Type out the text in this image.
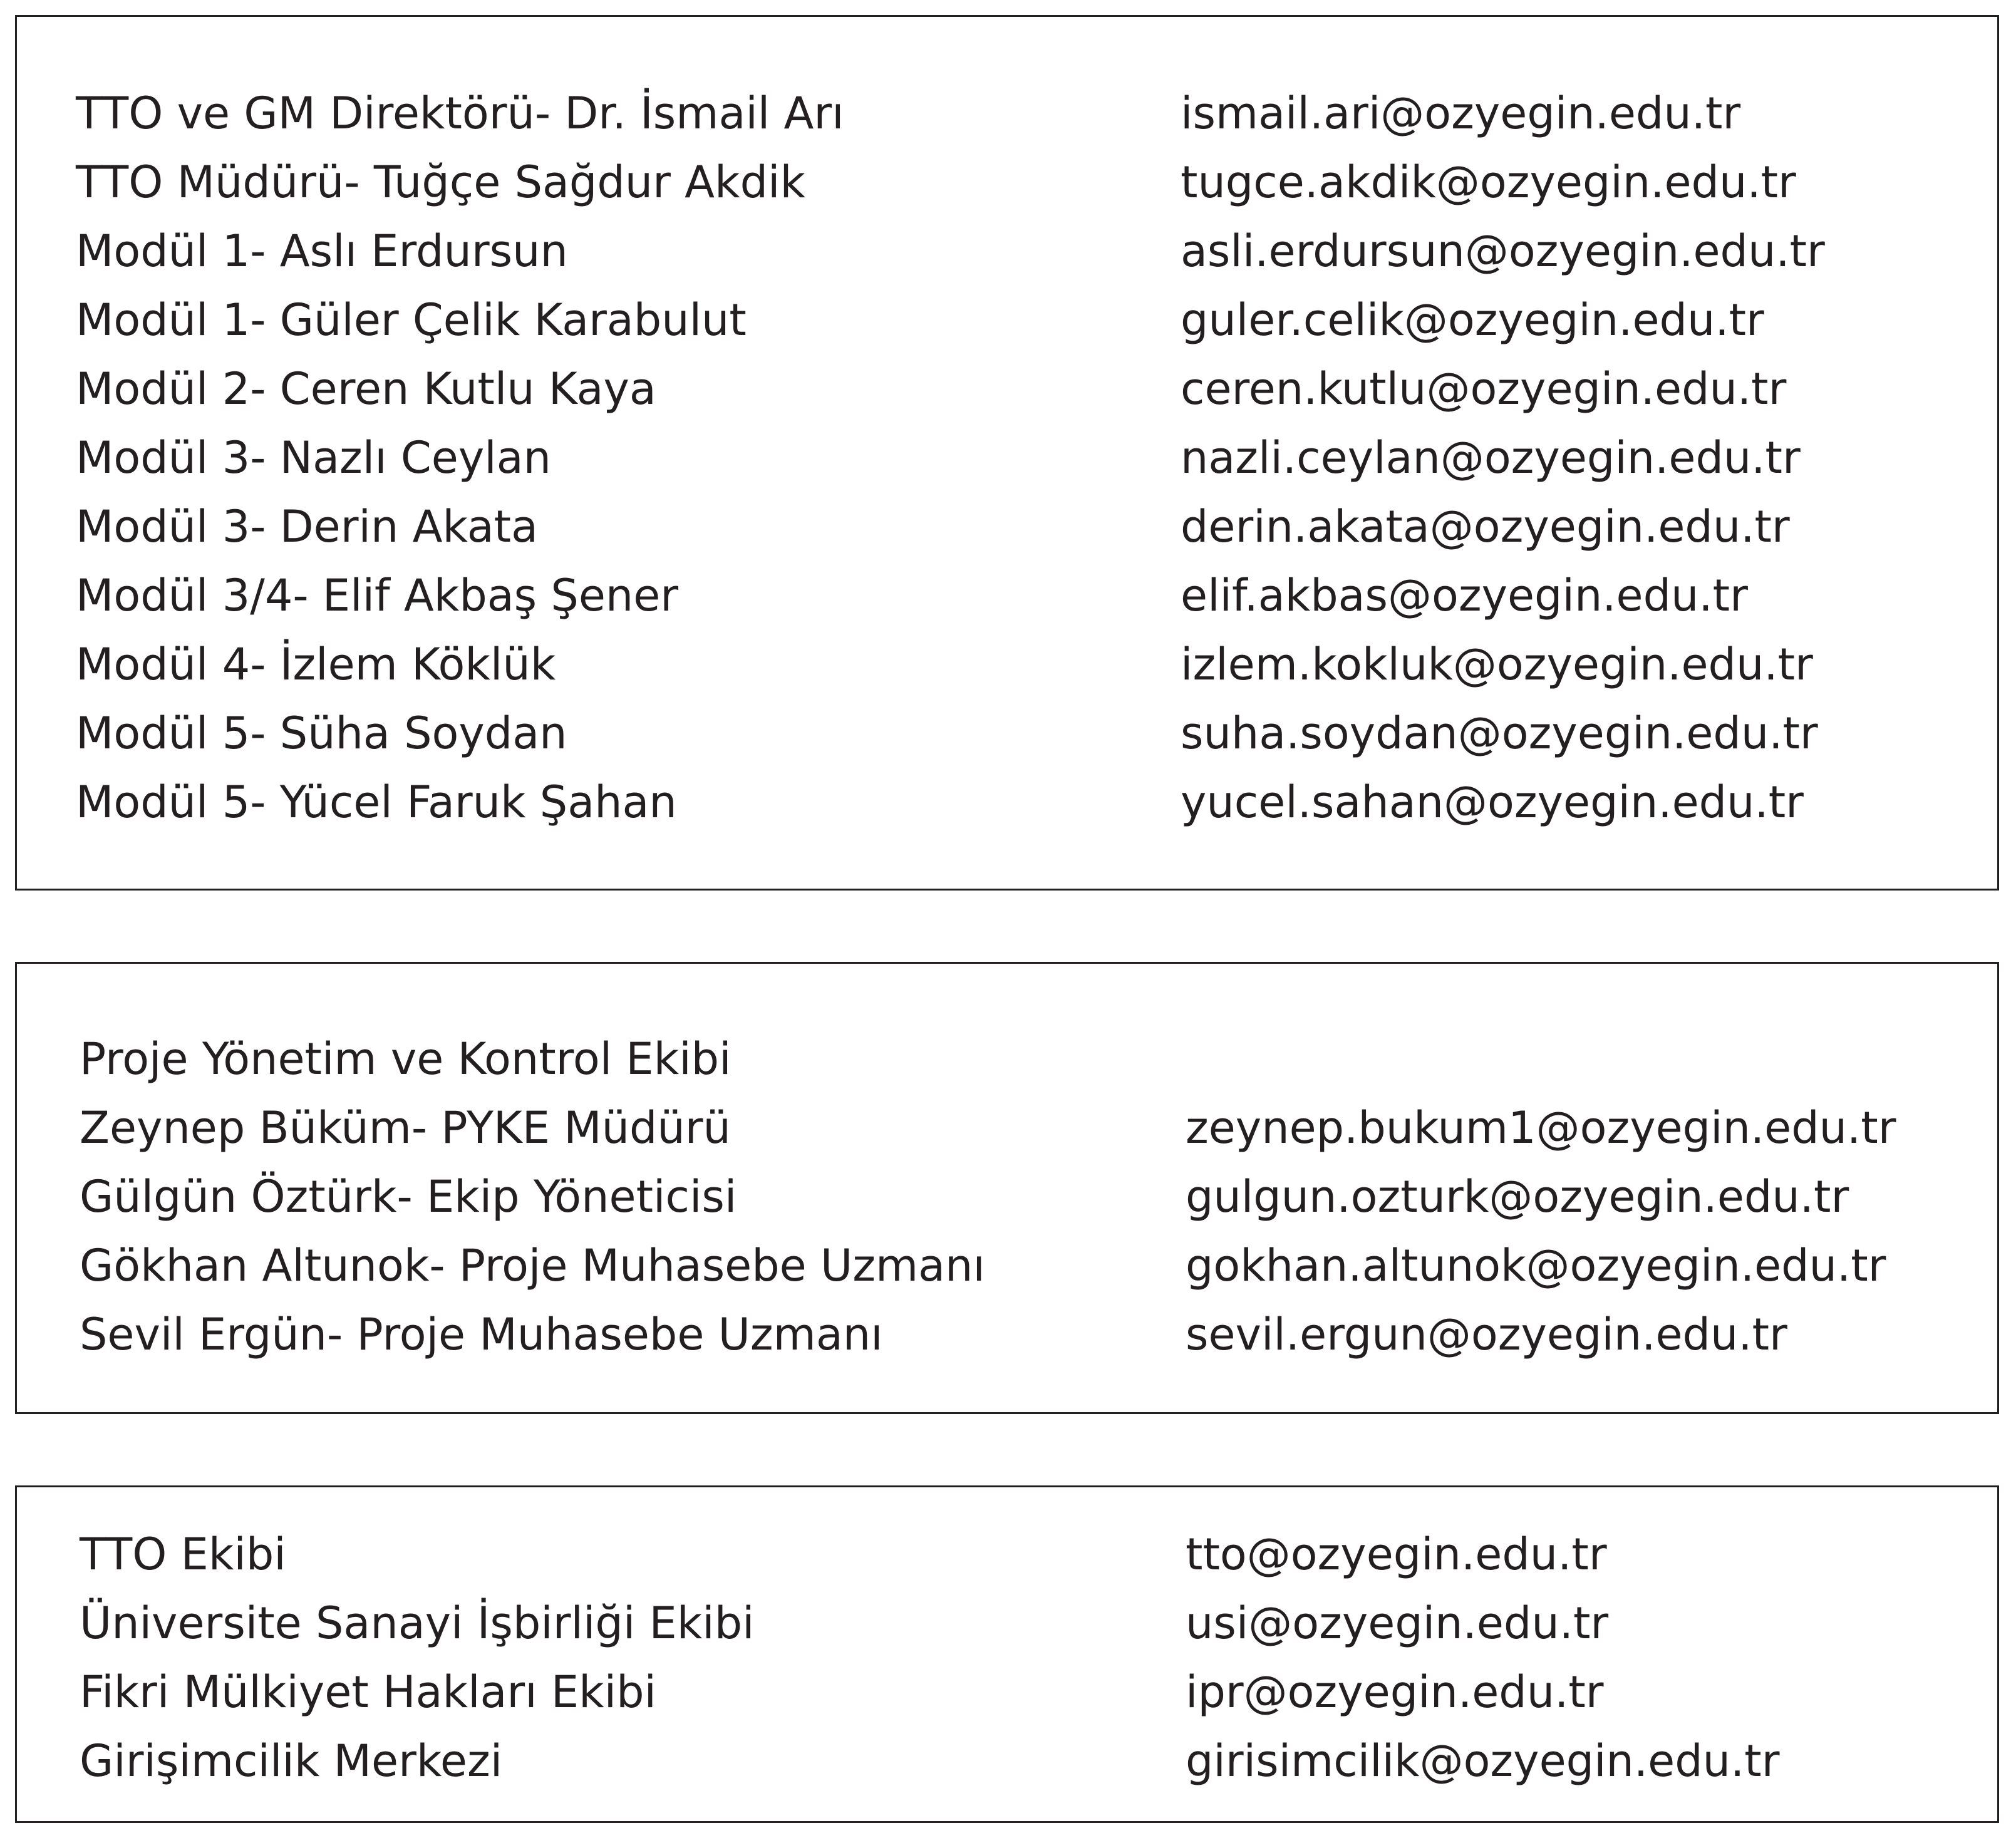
TTO ve GM Direktörü- Dr. İsmail Arı	ismail.ari@ozyegin.edu.tr
TTO Müdürü- Tuğçe Sağdur Akdik	tugce.akdik@ozyegin.edu.tr
Modül 1- Aslı Erdursun	asli.erdursun@ozyegin.edu.tr
Modül 1- Güler Çelik Karabulut	guler.celik@ozyegin.edu.tr
Modül 2- Ceren Kutlu Kaya	ceren.kutlu@ozyegin.edu.tr
Modül 3- Nazlı Ceylan	nazli.ceylan@ozyegin.edu.tr
Modül 3- Derin Akata	derin.akata@ozyegin.edu.tr
Modül 3/4- Elif Akbaş Şener	elif.akbas@ozyegin.edu.tr
Modül 4- İzlem Köklük	izlem.kokluk@ozyegin.edu.tr
Modül 5- Süha Soydan	suha.soydan@ozyegin.edu.tr
Modül 5- Yücel Faruk Şahan	yucel.sahan@ozyegin.edu.tr
Proje Yönetim ve Kontrol Ekibi
Zeynep Büküm- PYKE Müdürü	zeynep.bukum1@ozyegin.edu.tr
Gülgün Öztürk- Ekip Yöneticisi	gulgun.ozturk@ozyegin.edu.tr
Gökhan Altunok- Proje Muhasebe Uzmanı	gokhan.altunok@ozyegin.edu.tr
Sevil Ergün- Proje Muhasebe Uzmanı	sevil.ergun@ozyegin.edu.tr
TTO Ekibi	tto@ozyegin.edu.tr
Üniversite Sanayi İşbirliği Ekibi	usi@ozyegin.edu.tr
Fikri Mülkiyet Hakları Ekibi	ipr@ozyegin.edu.tr
Girişimcilik Merkezi	girisimcilik@ozyegin.edu.tr
